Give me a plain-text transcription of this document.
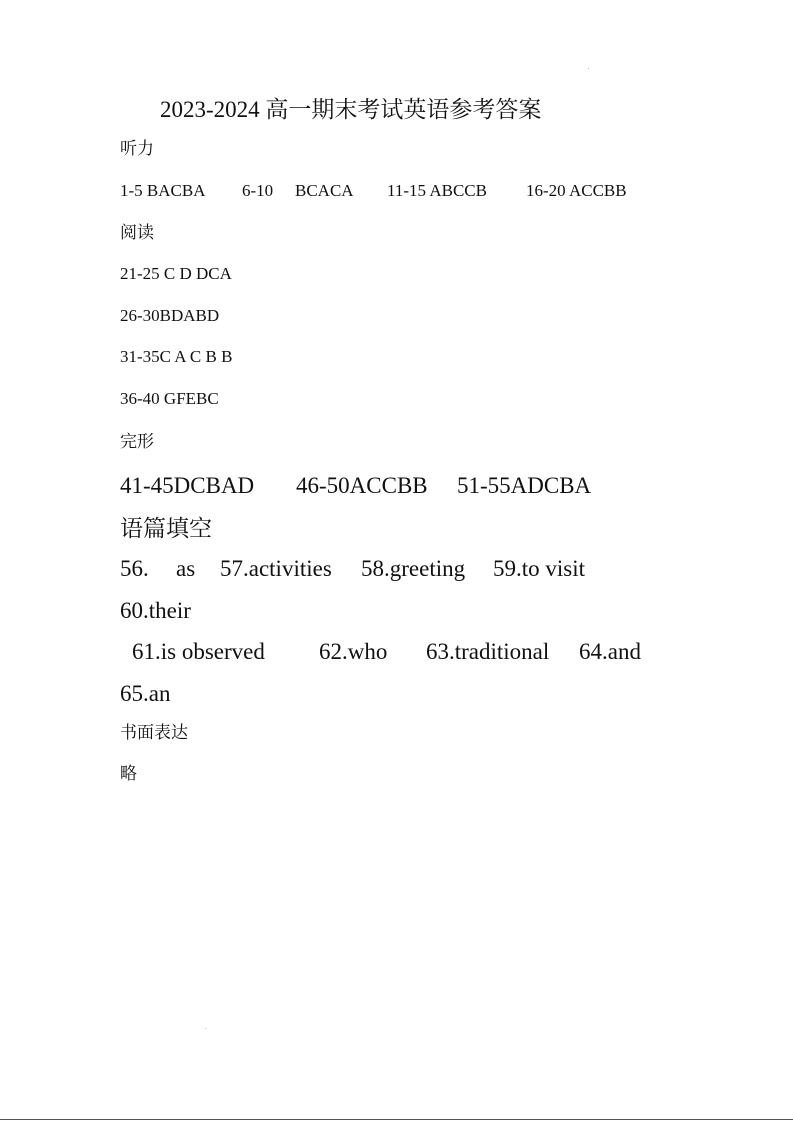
2023-2024 高一期末考试英语参考答案
听力

1-5 BACBA

6-10

BCACA

11-15 ABCCB

16-20 ACCBB

阅读
21-25 C D DCA
26-30BDABD
31-35C A C B B
36-40 GFEBC
完形

41-45DCBAD

46-50ACCBB

51-55ADCBA

语篇填空

56.

as

57.activities

58.greeting

59.to visit

60.their

61.is observed

62.who

63.traditional

64.and

65.an
书面表达
略
